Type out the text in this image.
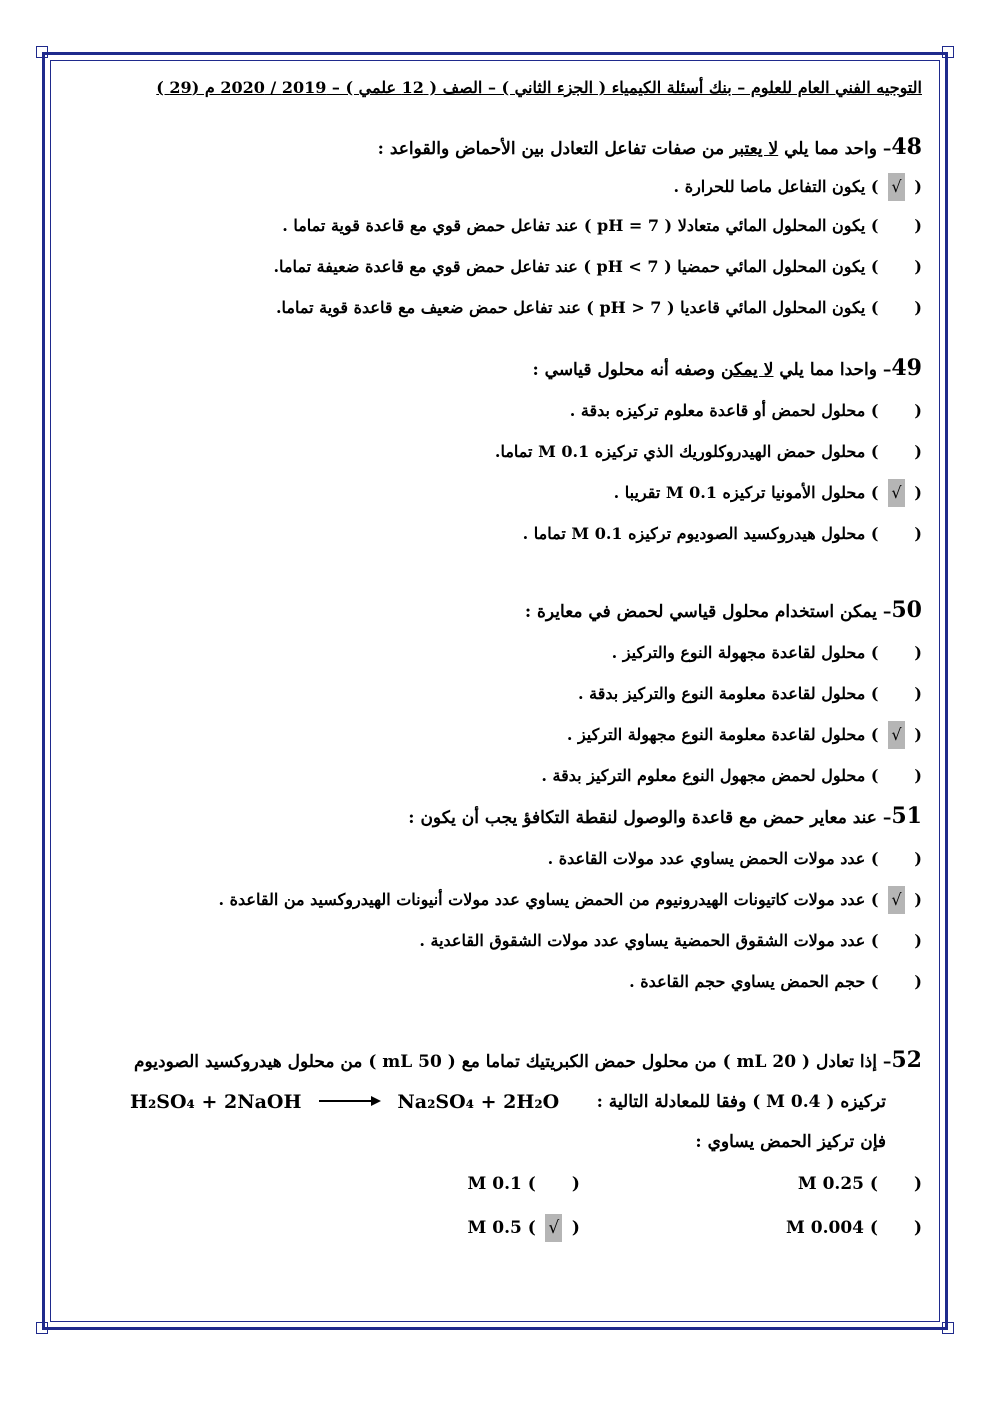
التوجيه الفني العام للعلوم – بنك أسئلة الكيمياء ( الجزء الثاني ) – الصف ( 12 علمي ) – 2019 / 2020 م (29 )
48– واحد مما يلي لا يعتبر من صفات تفاعل التعادل بين الأحماض والقواعد :
(√) يكون التفاعل ماصا للحرارة .
() يكون المحلول المائي متعادلا ( pH = 7 ) عند تفاعل حمض قوي مع قاعدة قوية تماما .
() يكون المحلول المائي حمضيا ( pH < 7 ) عند تفاعل حمض قوي مع قاعدة ضعيفة تماما.
() يكون المحلول المائي قاعديا ( pH > 7 ) عند تفاعل حمض ضعيف مع قاعدة قوية تماما.
49– واحدا مما يلي لا يمكن وصفه أنه محلول قياسي :
() محلول لحمض أو قاعدة معلوم تركيزه بدقة .
() محلول حمض الهيدروكلوريك الذي تركيزه 0.1 M تماما.
(√) محلول الأمونيا تركيزه 0.1 M تقريبا .
() محلول هيدروكسيد الصوديوم تركيزه 0.1 M تماما .
50– يمكن استخدام محلول قياسي لحمض في معايرة :
() محلول لقاعدة مجهولة النوع والتركيز .
() محلول لقاعدة معلومة النوع والتركيز بدقة .
(√) محلول لقاعدة معلومة النوع مجهولة التركيز .
() محلول لحمض مجهول النوع معلوم التركيز بدقة .
51– عند معاير حمض مع قاعدة والوصول لنقطة التكافؤ يجب أن يكون :
() عدد مولات الحمض يساوي عدد مولات القاعدة .
(√) عدد مولات كاتيونات الهيدرونيوم من الحمض يساوي عدد مولات أنيونات الهيدروكسيد من القاعدة .
() عدد مولات الشقوق الحمضية يساوي عدد مولات الشقوق القاعدية .
() حجم الحمض يساوي حجم القاعدة .
52– إذا تعادل ( 20 mL ) من محلول حمض الكبريتيك تماما مع ( 50 mL ) من محلول هيدروكسيد الصوديوم
تركيزه ( 0.4 M ) وفقا للمعادلة التالية :
H₂SO₄ + 2NaOH → Na₂SO₄ + 2H₂O
فإن تركيز الحمض يساوي :
() 0.25 M
() 0.1 M
() 0.004 M
(√) 0.5 M
